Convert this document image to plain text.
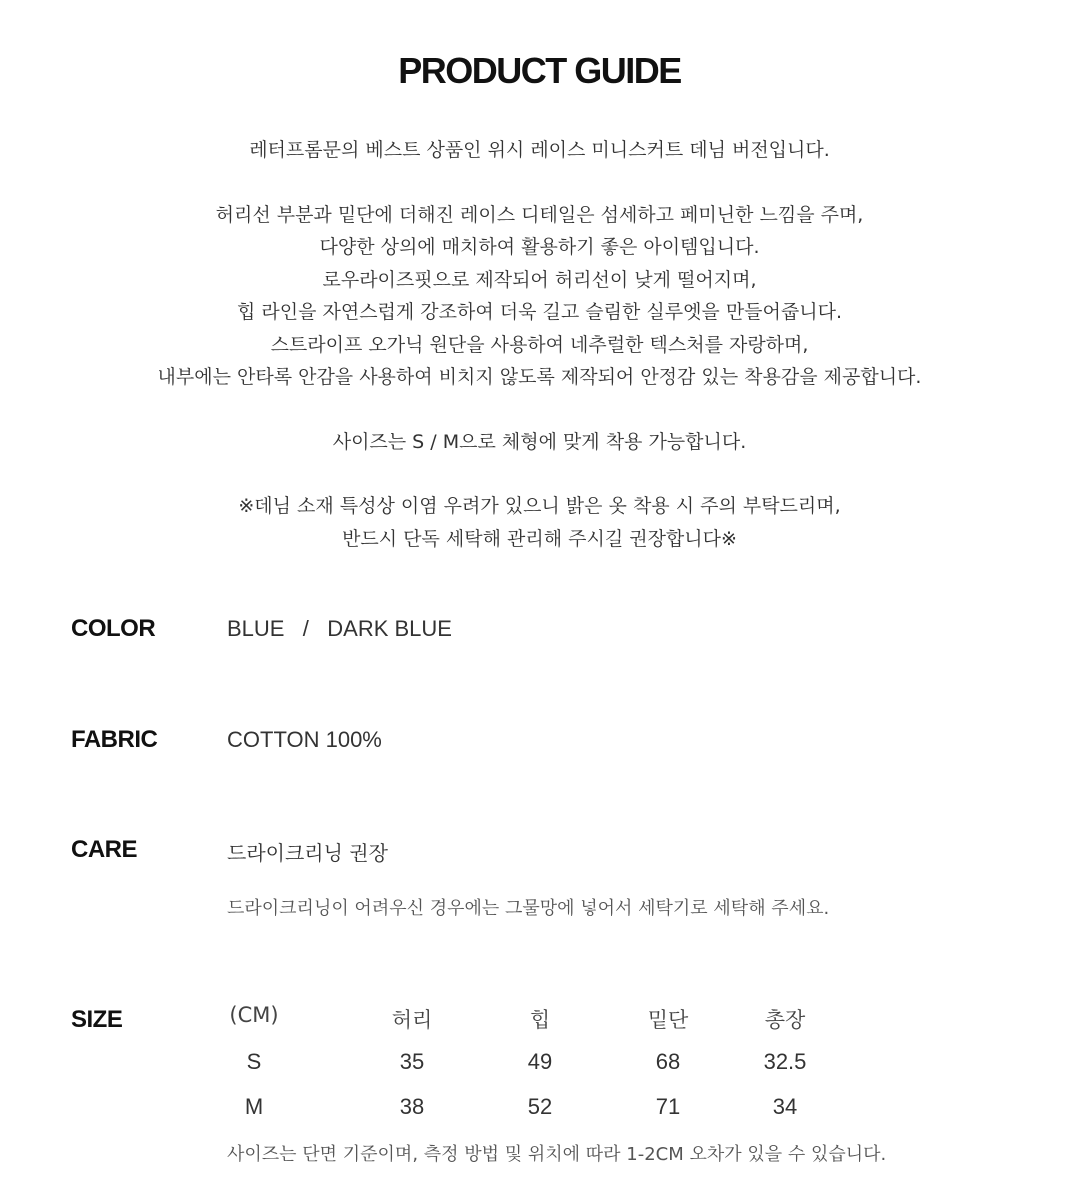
PRODUCT GUIDE

레터프롬문의 베스트 상품인 위시 레이스 미니스커트 데님 버전입니다.

허리선 부분과 밑단에 더해진 레이스 디테일은 섬세하고 페미닌한 느낌을 주며,

다양한 상의에 매치하여 활용하기 좋은 아이템입니다.

로우라이즈핏으로 제작되어 허리선이 낮게 떨어지며,

힙 라인을 자연스럽게 강조하여 더욱 길고 슬림한 실루엣을 만들어줍니다.

스트라이프 오가닉 원단을 사용하여 네추럴한 텍스처를 자랑하며,

내부에는 안타록 안감을 사용하여 비치지 않도록 제작되어 안정감 있는 착용감을 제공합니다.

사이즈는 S / M으로 체형에 맞게 착용 가능합니다.

※데님 소재 특성상 이염 우려가 있으니 밝은 옷 착용 시 주의 부탁드리며,

반드시 단독 세탁해 관리해 주시길 권장합니다※

COLOR	BLUE   /   DARK BLUE
FABRIC	COTTON 100%
CARE	드라이크리닝 권장
드라이크리닝이 어려우신 경우에는 그물망에 넣어서 세탁기로 세탁해 주세요.
SIZE	(CM)	허리	힙	밑단	총장
S	35	49	68	32.5
M	38	52	71	34
사이즈는 단면 기준이며, 측정 방법 및 위치에 따라 1-2CM 오차가 있을 수 있습니다.
